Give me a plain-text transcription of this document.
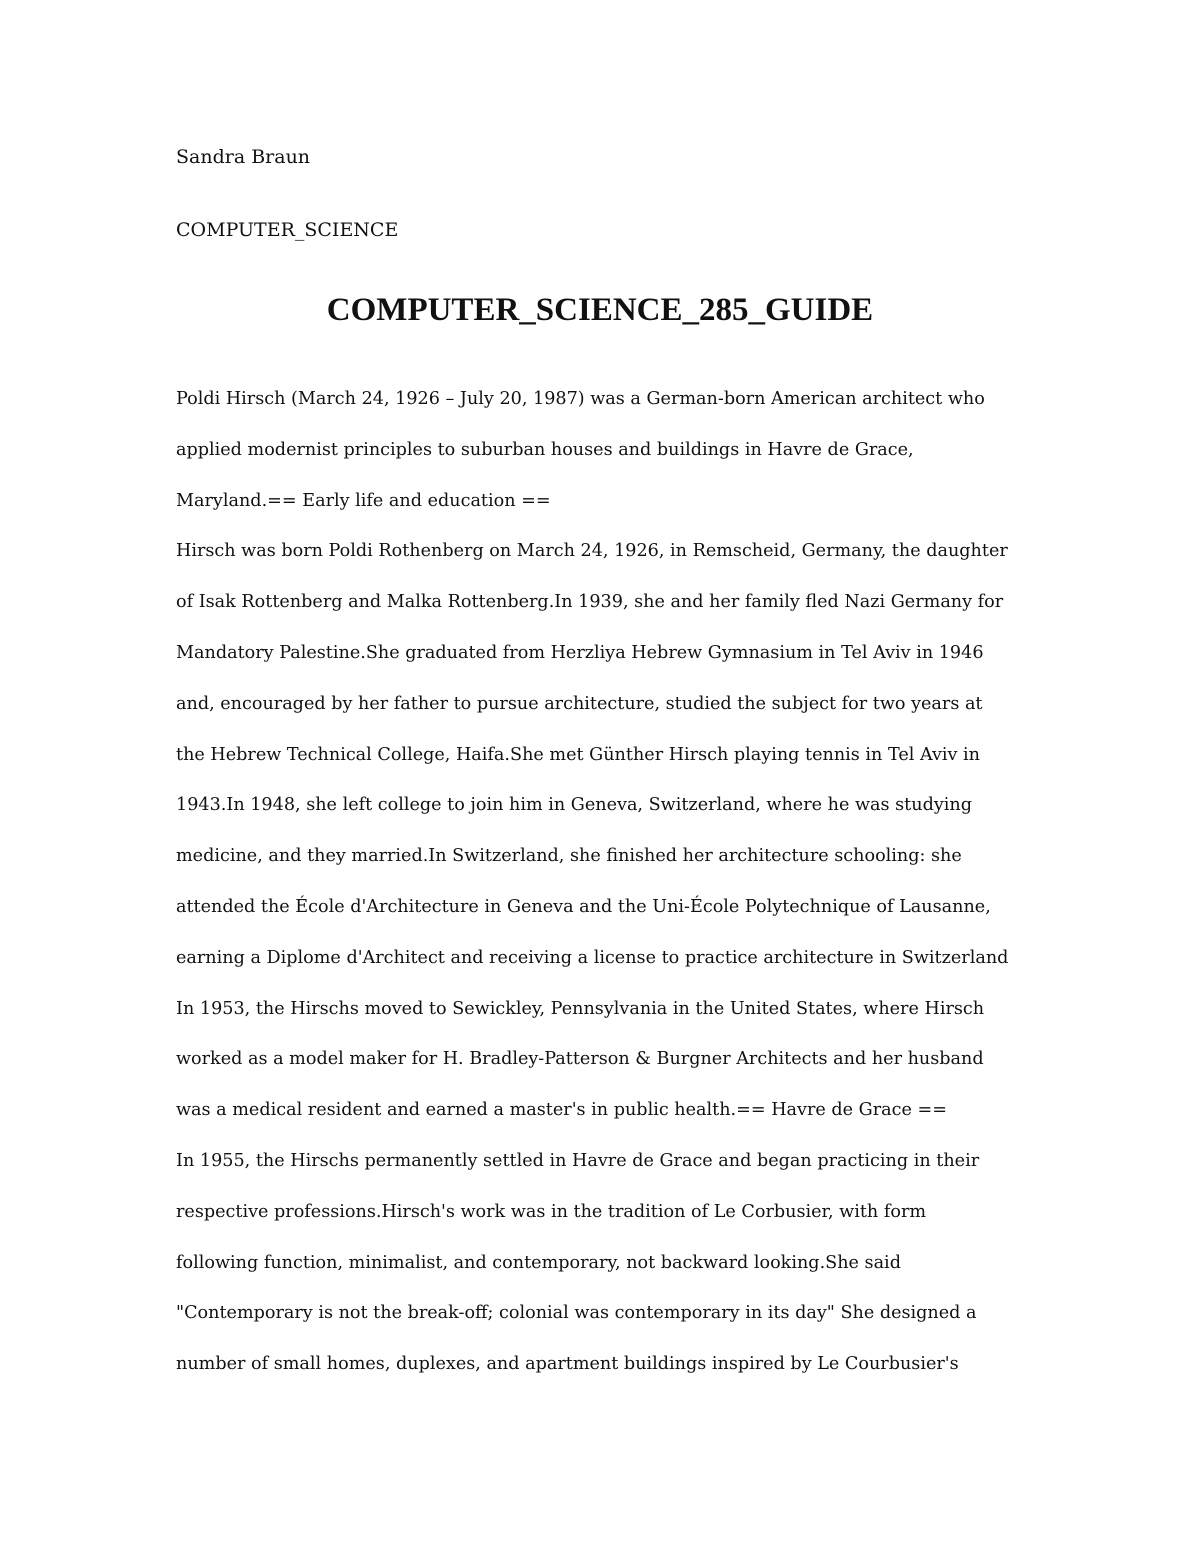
Sandra Braun
COMPUTER_SCIENCE
COMPUTER_SCIENCE_285_GUIDE
Poldi Hirsch (March 24, 1926 – July 20, 1987) was a German-born American architect who
applied modernist principles to suburban houses and buildings in Havre de Grace,
Maryland.== Early life and education ==
Hirsch was born Poldi Rothenberg on March 24, 1926, in Remscheid, Germany, the daughter
of Isak Rottenberg and Malka Rottenberg.In 1939, she and her family fled Nazi Germany for
Mandatory Palestine.She graduated from Herzliya Hebrew Gymnasium in Tel Aviv in 1946
and, encouraged by her father to pursue architecture, studied the subject for two years at
the Hebrew Technical College, Haifa.She met Günther Hirsch playing tennis in Tel Aviv in
1943.In 1948, she left college to join him in Geneva, Switzerland, where he was studying
medicine, and they married.In Switzerland, she finished her architecture schooling: she
attended the École d'Architecture in Geneva and the Uni-École Polytechnique of Lausanne,
earning a Diplome d'Architect and receiving a license to practice architecture in Switzerland
In 1953, the Hirschs moved to Sewickley, Pennsylvania in the United States, where Hirsch
worked as a model maker for H. Bradley-Patterson & Burgner Architects and her husband
was a medical resident and earned a master's in public health.== Havre de Grace ==
In 1955, the Hirschs permanently settled in Havre de Grace and began practicing in their
respective professions.Hirsch's work was in the tradition of Le Corbusier, with form
following function, minimalist, and contemporary, not backward looking.She said
"Contemporary is not the break-off; colonial was contemporary in its day" She designed a
number of small homes, duplexes, and apartment buildings inspired by Le Courbusier's
